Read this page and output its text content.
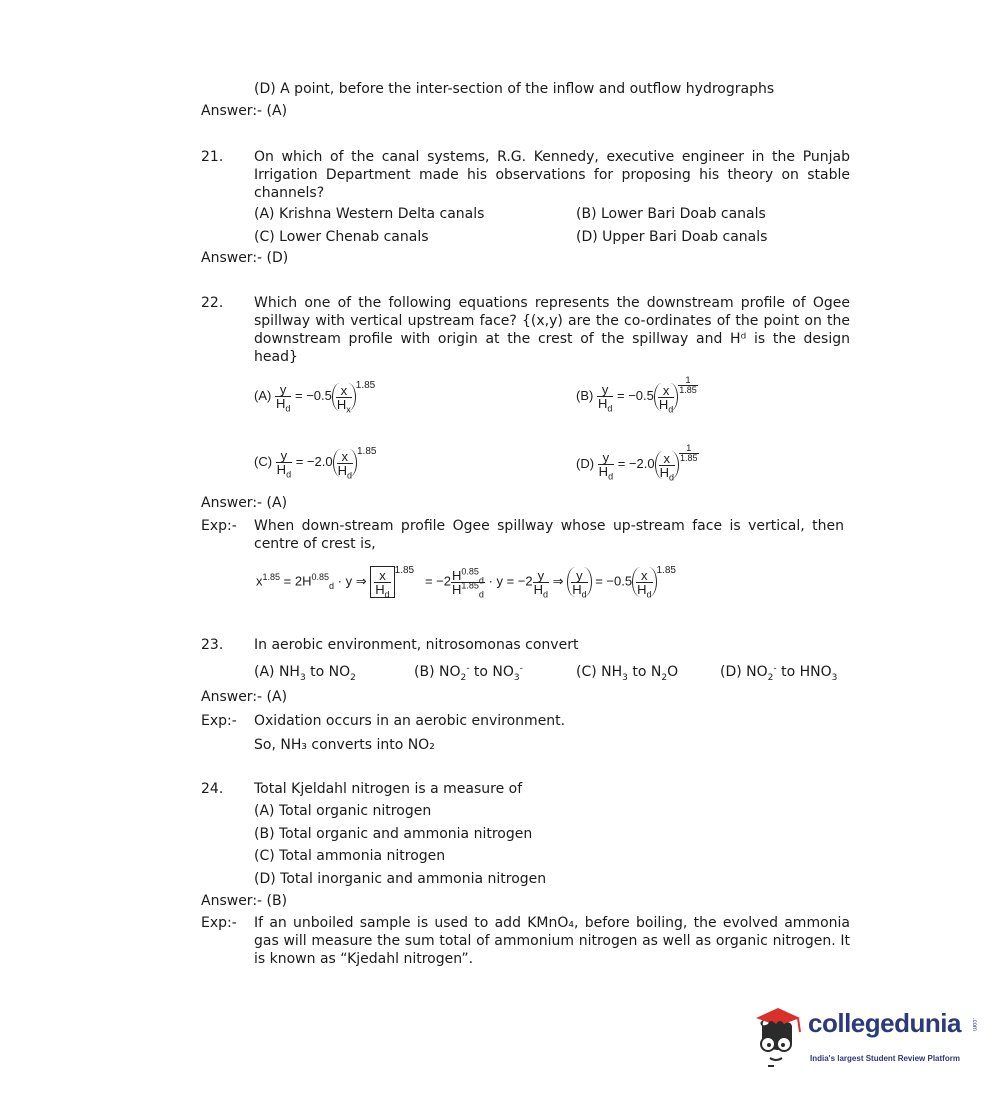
(D) A point, before the inter-section of the inflow and outflow hydrographs
Answer:- (A)
21. On which of the canal systems, R.G. Kennedy, executive engineer in the Punjab Irrigation Department made his observations for proposing his theory on stable channels?
(A) Krishna Western Delta canals	(B) Lower Bari Doab canals
(C) Lower Chenab canals	(D) Upper Bari Doab canals
Answer:- (D)
22. Which one of the following equations represents the downstream profile of Ogee spillway with vertical upstream face? {(x,y) are the co-ordinates of the point on the downstream profile with origin at the crest of the spillway and Hᵈ is the design head}
$(A) \frac{y}{H_d} = -0.5 \frac{x}{H_x} 1.85$
$(B) \frac{y}{H_d} = -0.5 \frac{x}{H_d} \frac{1}{1.85}$
$(C) \frac{y}{H_d} = -2.0 \frac{x}{H_d} 1.85$
$(D) \frac{y}{H_d} = -2.0 \frac{x}{H_d} \frac{1}{1.85}$
Answer:- (A)
Exp:- When down-stream profile Ogee spillway whose up-stream face is vertical, then centre of crest is,
$x^{1.85} = 2H^{0.85}_d \cdot y$ ⇒ $\frac{x}{H_d} 1.85 = -2 \frac{H^{0.85}_d}{H^{1.85}_d} \cdot y = -2 \frac{y}{H_d}$ ⇒ $\frac{y}{H_d} = -0.5 \frac{x}{H_d} 1.85$
23. In aerobic environment, nitrosomonas convert
(A) $NH_3$ to $NO_2$	(B) $NO_2^-$ to $NO_3^-$	(C) $NH_3$ to $N_2O$	(D) $NO_2^-$ to $HNO_3$
Answer:- (A)
Exp:- Oxidation occurs in an aerobic environment.
So, NH₃ converts into NO₂
24. Total Kjeldahl nitrogen is a measure of
(A) Total organic nitrogen
(B) Total organic and ammonia nitrogen
(C) Total ammonia nitrogen
(D) Total inorganic and ammonia nitrogen
Answer:- (B)
Exp:- If an unboiled sample is used to add KMnO₄, before boiling, the evolved ammonia gas will measure the sum total of ammonium nitrogen as well as organic nitrogen. It is known as “Kjedahl nitrogen”.
collegedunia	.com
India's largest Student Review Platform
